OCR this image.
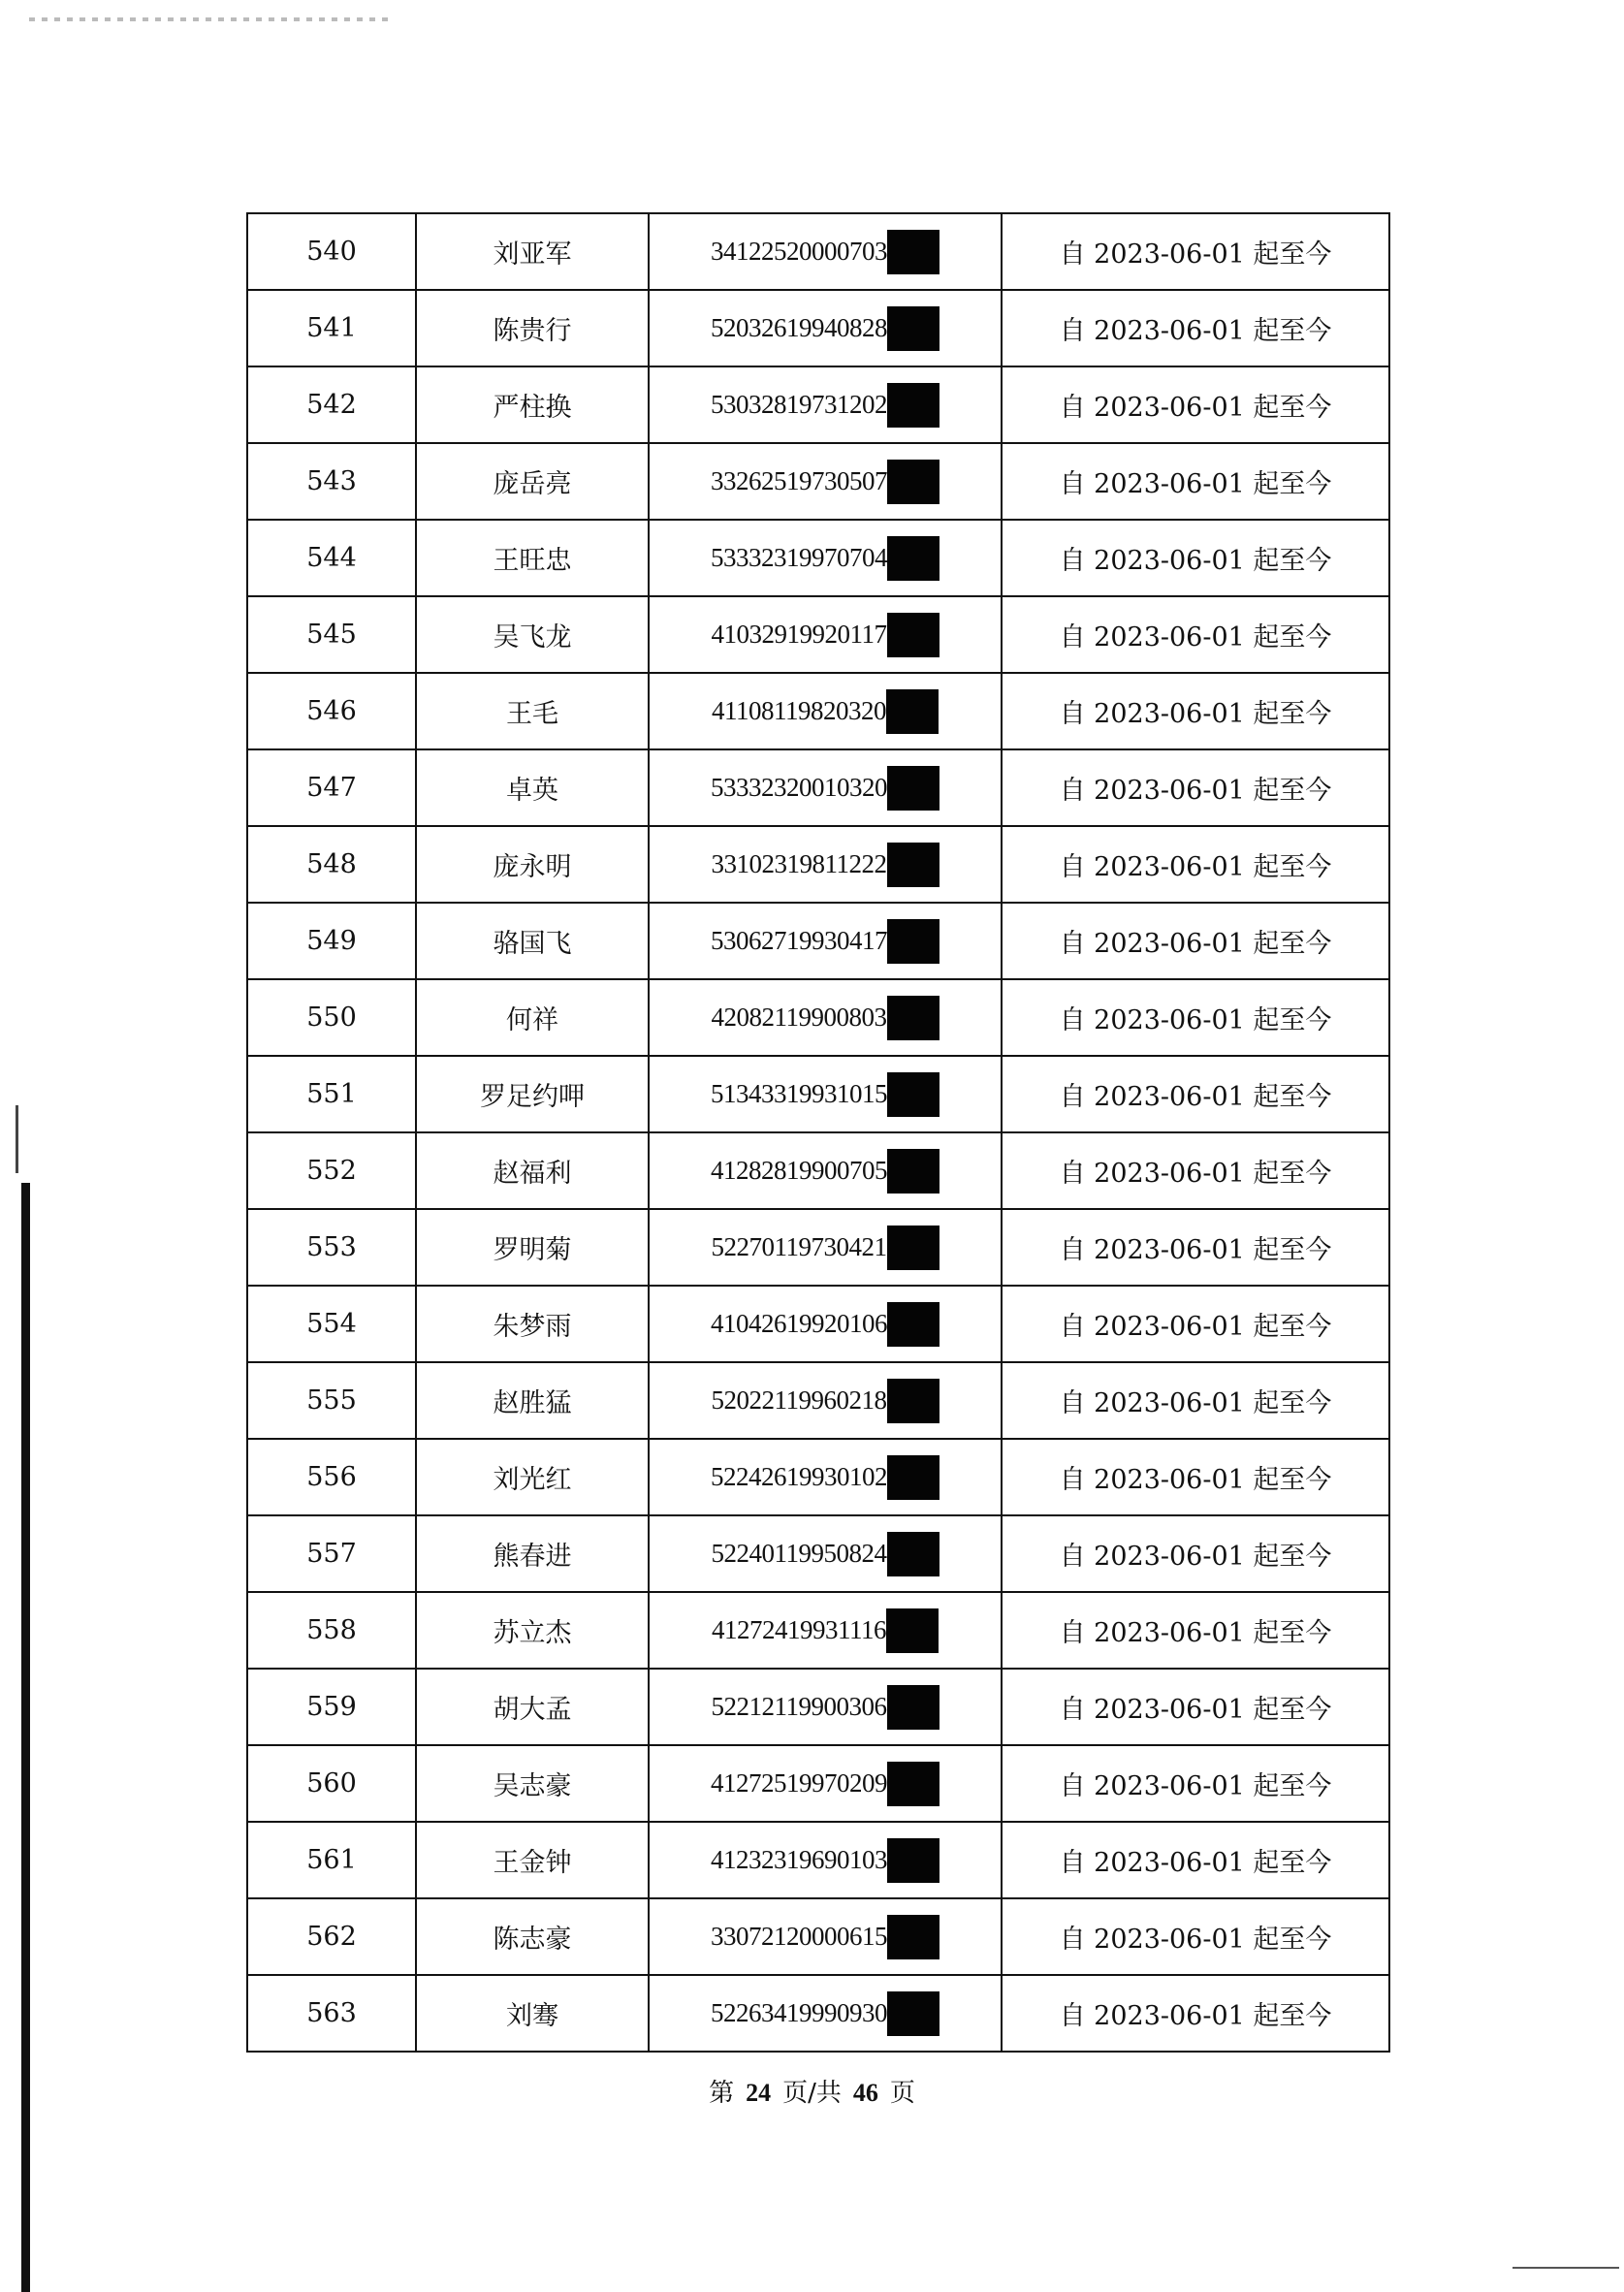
540	刘亚军	34122520000703	自 2023-06-01 起至今
541	陈贵行	52032619940828	自 2023-06-01 起至今
542	严柱换	53032819731202	自 2023-06-01 起至今
543	庞岳亮	33262519730507	自 2023-06-01 起至今
544	王旺忠	53332319970704	自 2023-06-01 起至今
545	吴飞龙	41032919920117	自 2023-06-01 起至今
546	王毛	41108119820320	自 2023-06-01 起至今
547	卓英	53332320010320	自 2023-06-01 起至今
548	庞永明	33102319811222	自 2023-06-01 起至今
549	骆国飞	53062719930417	自 2023-06-01 起至今
550	何祥	42082119900803	自 2023-06-01 起至今
551	罗足约呷	51343319931015	自 2023-06-01 起至今
552	赵福利	41282819900705	自 2023-06-01 起至今
553	罗明菊	52270119730421	自 2023-06-01 起至今
554	朱梦雨	41042619920106	自 2023-06-01 起至今
555	赵胜猛	52022119960218	自 2023-06-01 起至今
556	刘光红	52242619930102	自 2023-06-01 起至今
557	熊春进	52240119950824	自 2023-06-01 起至今
558	苏立杰	41272419931116	自 2023-06-01 起至今
559	胡大孟	52212119900306	自 2023-06-01 起至今
560	吴志豪	41272519970209	自 2023-06-01 起至今
561	王金钟	41232319690103	自 2023-06-01 起至今
562	陈志豪	33072120000615	自 2023-06-01 起至今
563	刘骞	52263419990930	自 2023-06-01 起至今
第 24 页/共 46 页
